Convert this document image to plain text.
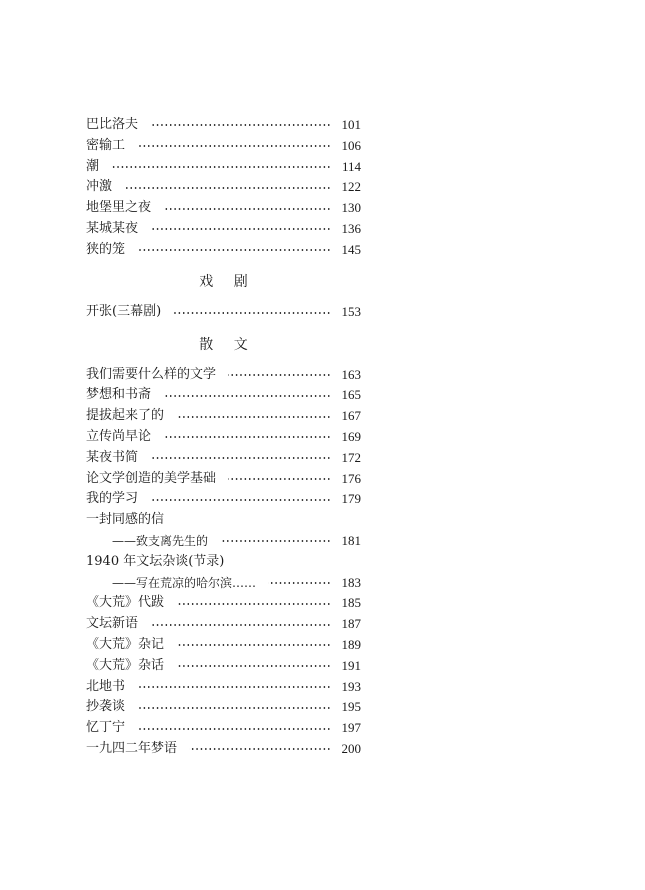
巴比洛夫	101
密输工	106
潮	114
冲激	122
地堡里之夜	130
某城某夜	136
狭的笼	145
戏 剧
开张(三幕剧)	153
散 文
我们需要什么样的文学	163
梦想和书斋	165
提拔起来了的	167
立传尚早论	169
某夜书简	172
论文学创造的美学基础	176
我的学习	179
一封同感的信
——致支离先生的	181
1940 年文坛杂谈(节录)
——写在荒凉的哈尔滨……	183
《大荒》代跋	185
文坛新语	187
《大荒》杂记	189
《大荒》杂话	191
北地书	193
抄袭谈	195
忆丁宁	197
一九四二年梦语	200
